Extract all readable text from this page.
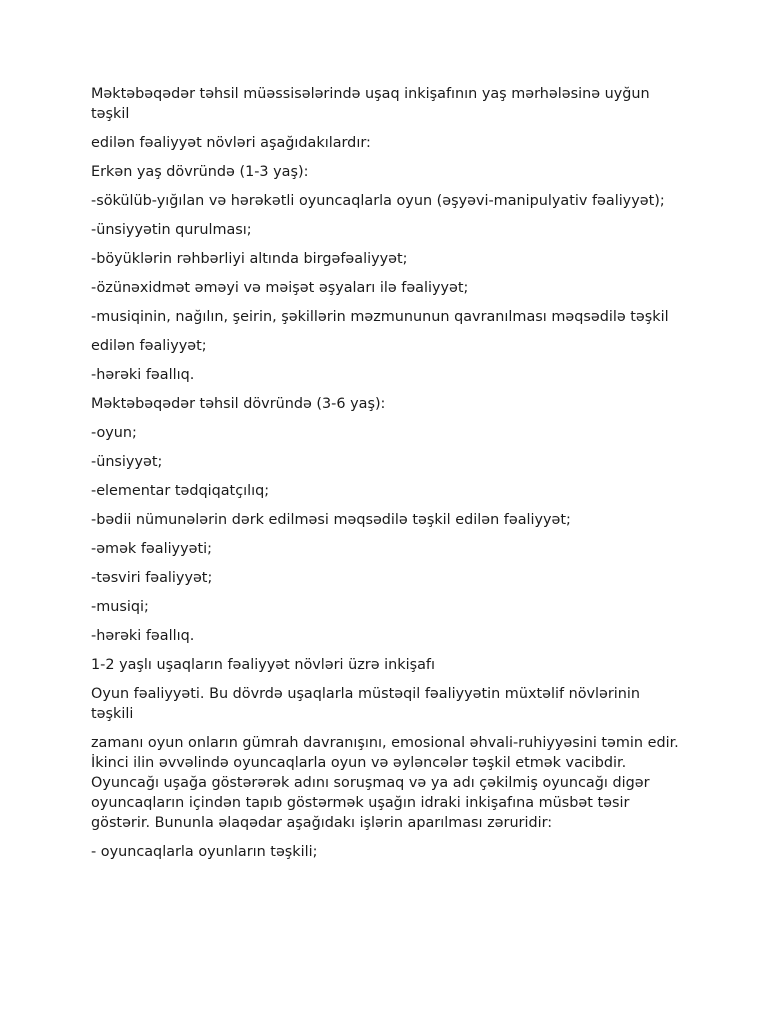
Məktəbəqədər təhsil müəssisələrində uşaq inkişafının yaş mərhələsinə uyğun təşkil

edilən fəaliyyət növləri aşağıdakılardır:

Erkən yaş dövründə (1-3 yaş):

-sökülüb-yığılan və hərəkətli oyuncaqlarla oyun (əşyəvi-manipulyativ fəaliyyət);

-ünsiyyətin qurulması;

-böyüklərin rəhbərliyi altında birgəfəaliyyət;

-özünəxidmət əməyi və məişət əşyaları ilə fəaliyyət;

-musiqinin, nağılın, şeirin, şəkillərin məzmununun qavranılması məqsədilə təşkil

edilən fəaliyyət;

-hərəki fəallıq.

Məktəbəqədər təhsil dövründə (3-6 yaş):

-oyun;

-ünsiyyət;

-elementar tədqiqatçılıq;

-bədii nümunələrin dərk edilməsi məqsədilə təşkil edilən fəaliyyət;

-əmək fəaliyyəti;

-təsviri fəaliyyət;

-musiqi;

-hərəki fəallıq.

1-2 yaşlı uşaqların fəaliyyət növləri üzrə inkişafı

Oyun fəaliyyəti. Bu dövrdə uşaqlarla müstəqil fəaliyyətin müxtəlif növlərinin təşkili

zamanı oyun onların gümrah davranışını, emosional əhvali-ruhiyyəsini təmin edir. İkinci ilin əvvəlində oyuncaqlarla oyun və əyləncələr təşkil etmək vacibdir. Oyuncağı uşağa göstərərək adını soruşmaq və ya adı çəkilmiş oyuncağı digər oyuncaqların içindən tapıb göstərmək uşağın idraki inkişafına müsbət təsir göstərir. Bununla əlaqədar aşağıdakı işlərin aparılması zəruridir:

- oyuncaqlarla oyunların təşkili;
